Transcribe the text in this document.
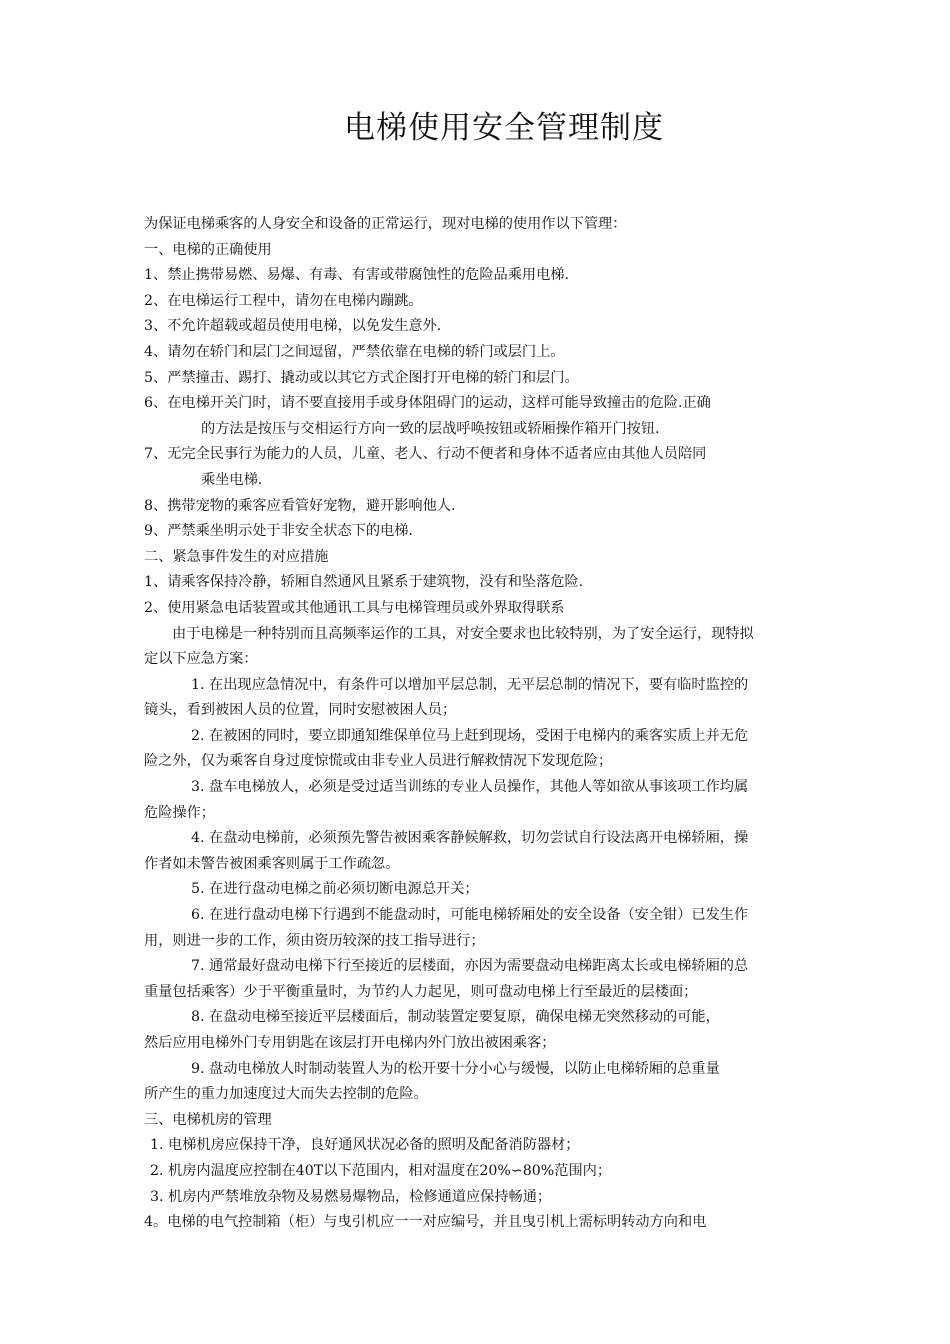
电梯使用安全管理制度
为保证电梯乘客的人身安全和设备的正常运行，现对电梯的使用作以下管理：
一、电梯的正确使用
1、禁止携带易燃、易爆、有毒、有害或带腐蚀性的危险品乘用电梯.
2、在电梯运行工程中，请勿在电梯内蹦跳。
3、不允许超载或超员使用电梯，以免发生意外.
4、请勿在轿门和层门之间逗留，严禁依靠在电梯的轿门或层门上。
5、严禁撞击、踢打、撬动或以其它方式企图打开电梯的轿门和层门。
6、在电梯开关门时，请不要直接用手或身体阻碍门的运动，这样可能导致撞击的危险.正确
的方法是按压与交相运行方向一致的层战呼唤按钮或轿厢操作箱开门按钮.
7、无完全民事行为能力的人员，儿童、老人、行动不便者和身体不适者应由其他人员陪同
乘坐电梯.
8、携带宠物的乘客应看管好宠物，避开影响他人.
9、严禁乘坐明示处于非安全状态下的电梯.
二、紧急事件发生的对应措施
1、请乘客保持冷静，轿厢自然通风且紧系于建筑物，没有和坠落危险.
2、使用紧急电话装置或其他通讯工具与电梯管理员或外界取得联系
由于电梯是一种特别而且高频率运作的工具，对安全要求也比较特别，为了安全运行，现特拟
定以下应急方案：
1. 在出现应急情况中，有条件可以增加平层总制，无平层总制的情况下，要有临时监控的
镜头，看到被困人员的位置，同时安慰被困人员；
2. 在被困的同时，要立即通知维保单位马上赶到现场，受困于电梯内的乘客实质上并无危
险之外，仅为乘客自身过度惊慌或由非专业人员进行解救情况下发现危险；
3. 盘车电梯放人，必须是受过适当训练的专业人员操作，其他人等如欲从事该项工作均属
危险操作；
4. 在盘动电梯前，必须预先警告被困乘客静候解救，切勿尝试自行设法离开电梯轿厢，操
作者如未警告被困乘客则属于工作疏忽。
5. 在进行盘动电梯之前必须切断电源总开关；
6. 在进行盘动电梯下行遇到不能盘动时，可能电梯轿厢处的安全设备（安全钳）已发生作
用，则进一步的工作，须由资历较深的技工指导进行；
7. 通常最好盘动电梯下行至接近的层楼面，亦因为需要盘动电梯距离太长或电梯轿厢的总
重量包括乘客）少于平衡重量时，为节约人力起见，则可盘动电梯上行至最近的层楼面；
8. 在盘动电梯至接近平层楼面后，制动装置定要复原，确保电梯无突然移动的可能，
然后应用电梯外门专用钥匙在该层打开电梯内外门放出被困乘客；
9. 盘动电梯放人时制动装置人为的松开要十分小心与缓慢，以防止电梯轿厢的总重量
所产生的重力加速度过大而失去控制的危险。
三、电梯机房的管理
1. 电梯机房应保持干净，良好通风状况必备的照明及配备消防器材；
2. 机房内温度应控制在40T以下范围内，相对温度在20%∽80%范围内；
3. 机房内严禁堆放杂物及易燃易爆物品，检修通道应保持畅通；
4。电梯的电气控制箱（柜）与曳引机应一一对应编号，并且曳引机上需标明转动方向和电
